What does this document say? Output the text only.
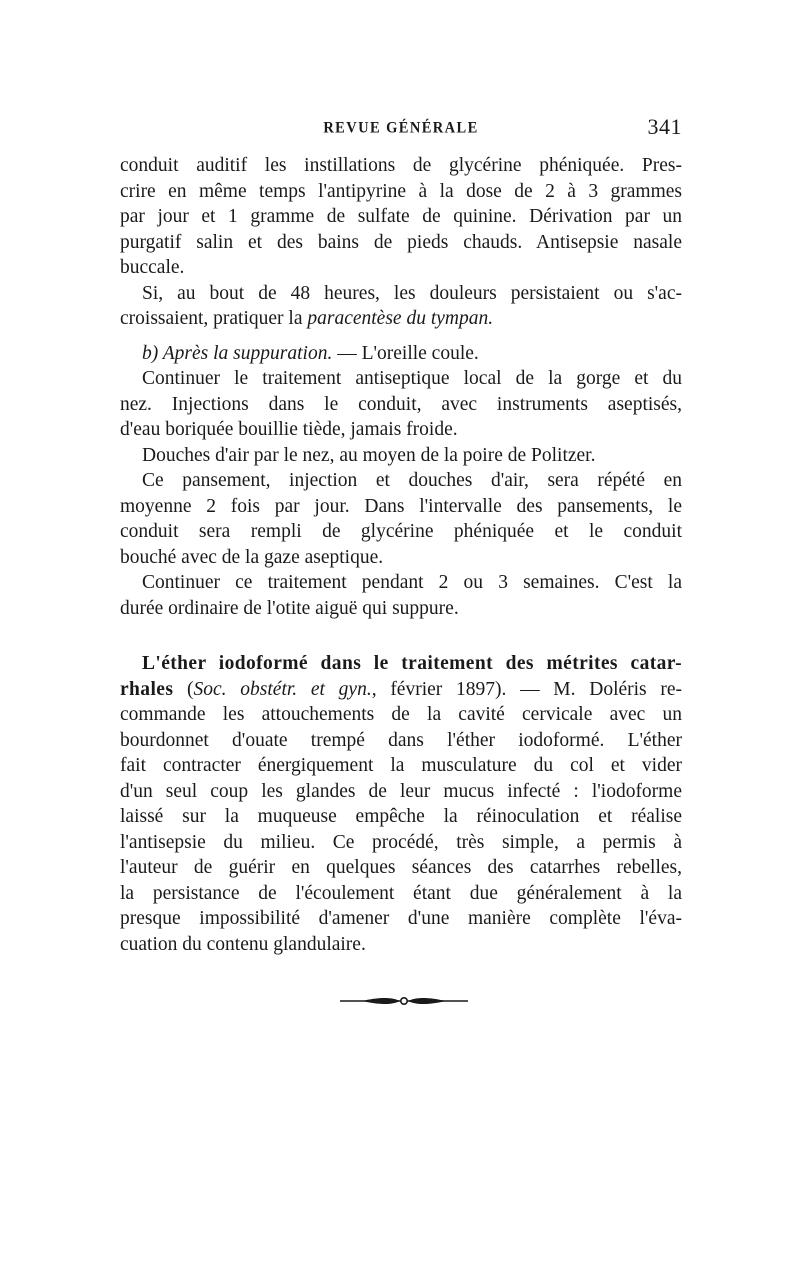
REVUE GÉNÉRALE	341
conduit auditif les instillations de glycérine phéniquée. Pres-
crire en même temps l'antipyrine à la dose de 2 à 3 grammes
par jour et 1 gramme de sulfate de quinine. Dérivation par un
purgatif salin et des bains de pieds chauds. Antisepsie nasale
buccale.
Si, au bout de 48 heures, les douleurs persistaient ou s'ac-
croissaient, pratiquer la paracentèse du tympan.
b) Après la suppuration. — L'oreille coule.
Continuer le traitement antiseptique local de la gorge et du
nez. Injections dans le conduit, avec instruments aseptisés,
d'eau boriquée bouillie tiède, jamais froide.
Douches d'air par le nez, au moyen de la poire de Politzer.
Ce pansement, injection et douches d'air, sera répété en
moyenne 2 fois par jour. Dans l'intervalle des pansements, le
conduit sera rempli de glycérine phéniquée et le conduit
bouché avec de la gaze aseptique.
Continuer ce traitement pendant 2 ou 3 semaines. C'est la
durée ordinaire de l'otite aiguë qui suppure.
L'éther iodoformé dans le traitement des métrites catar-
rhales (Soc. obstétr. et gyn., février 1897). — M. Doléris re-
commande les attouchements de la cavité cervicale avec un
bourdonnet d'ouate trempé dans l'éther iodoformé. L'éther
fait contracter énergiquement la musculature du col et vider
d'un seul coup les glandes de leur mucus infecté : l'iodoforme
laissé sur la muqueuse empêche la réinoculation et réalise
l'antisepsie du milieu. Ce procédé, très simple, a permis à
l'auteur de guérir en quelques séances des catarrhes rebelles,
la persistance de l'écoulement étant due généralement à la
presque impossibilité d'amener d'une manière complète l'éva-
cuation du contenu glandulaire.
